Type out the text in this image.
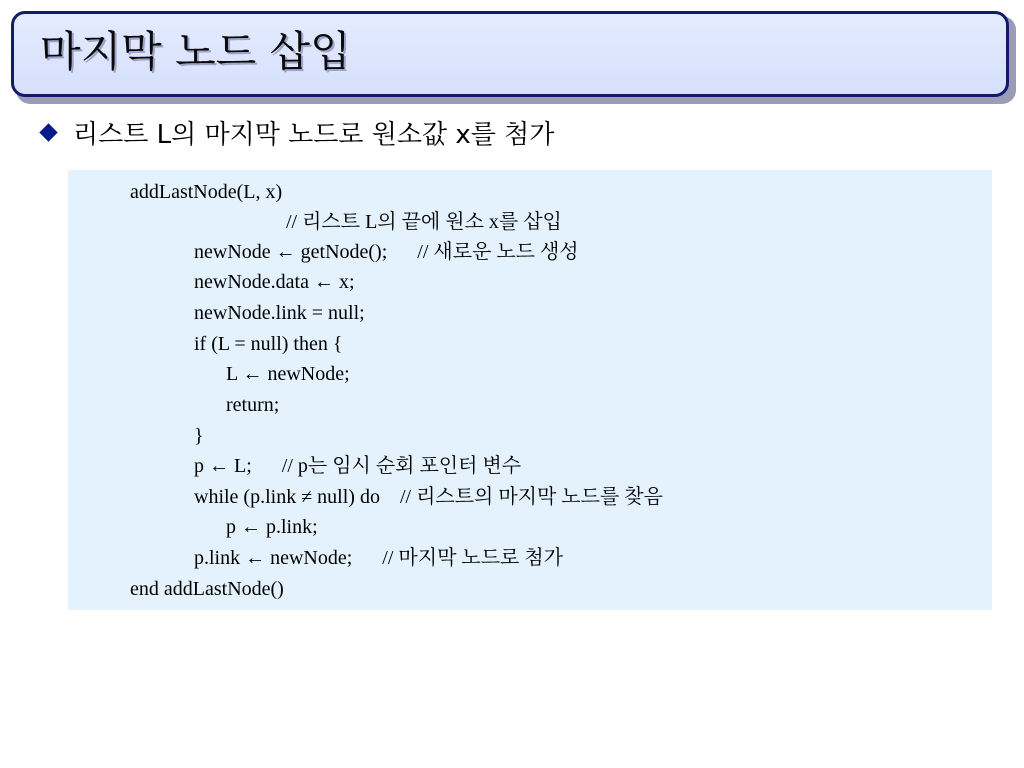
마지막 노드 삽입
리스트 L의 마지막 노드로 원소값 x를 첨가
addLastNode(L, x)
// 리스트 L의 끝에 원소 x를 삽입
newNode ← getNode();      // 새로운 노드 생성
newNode.data ← x;
newNode.link = null;
if (L = null) then {
L ← newNode;
return;
}
p ← L;      // p는 임시 순회 포인터 변수
while (p.link ≠ null) do    // 리스트의 마지막 노드를 찾음
p ← p.link;
p.link ← newNode;      // 마지막 노드로 첨가
end addLastNode()
